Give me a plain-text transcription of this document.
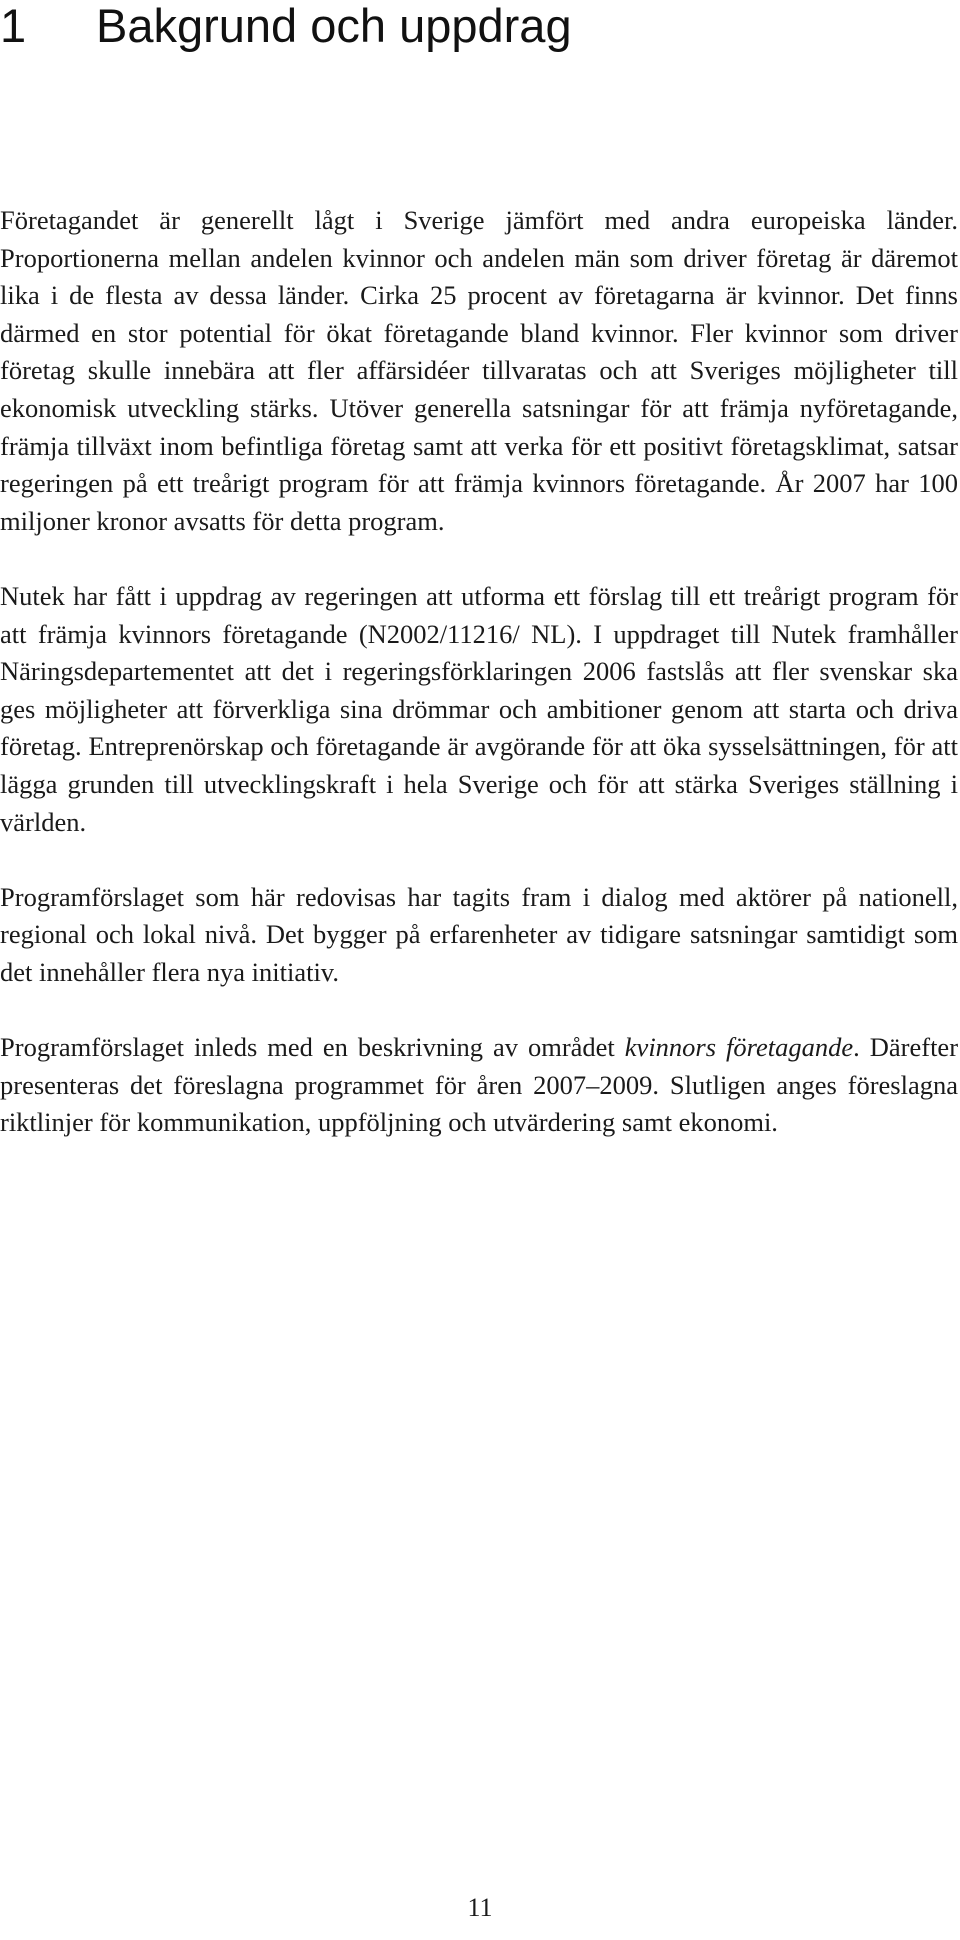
1 Bakgrund och uppdrag

Företagandet är generellt lågt i Sverige jämfört med andra europeiska länder. Proportionerna mellan andelen kvinnor och andelen män som driver företag är däremot lika i de flesta av dessa länder. Cirka 25 procent av företagarna är kvinnor. Det finns därmed en stor potential för ökat företagande bland kvinnor. Fler kvinnor som driver företag skulle innebära att fler affärsidéer tillvaratas och att Sveriges möjligheter till ekonomisk utveckling stärks. Utöver generella satsningar för att främja nyföretagande, främja tillväxt inom befintliga företag samt att verka för ett positivt företagsklimat, satsar regeringen på ett treårigt program för att främja kvinnors företagande. År 2007 har 100 miljoner kronor avsatts för detta program.

Nutek har fått i uppdrag av regeringen att utforma ett förslag till ett treårigt program för att främja kvinnors företagande (N2002/11216/ NL). I uppdraget till Nutek framhåller Näringsdepartementet att det i regeringsförklaringen 2006 fastslås att fler svenskar ska ges möjligheter att förverkliga sina drömmar och ambitioner genom att starta och driva företag. Entreprenörskap och företagande är avgörande för att öka sysselsättningen, för att lägga grunden till utvecklingskraft i hela Sverige och för att stärka Sveriges ställning i världen.

Programförslaget som här redovisas har tagits fram i dialog med aktörer på nationell, regional och lokal nivå. Det bygger på erfarenheter av tidigare satsningar samtidigt som det innehåller flera nya initiativ.

Programförslaget inleds med en beskrivning av området kvinnors företagande. Därefter presenteras det föreslagna programmet för åren 2007–2009. Slutligen anges föreslagna riktlinjer för kommunikation, uppföljning och utvärdering samt ekonomi.

11
